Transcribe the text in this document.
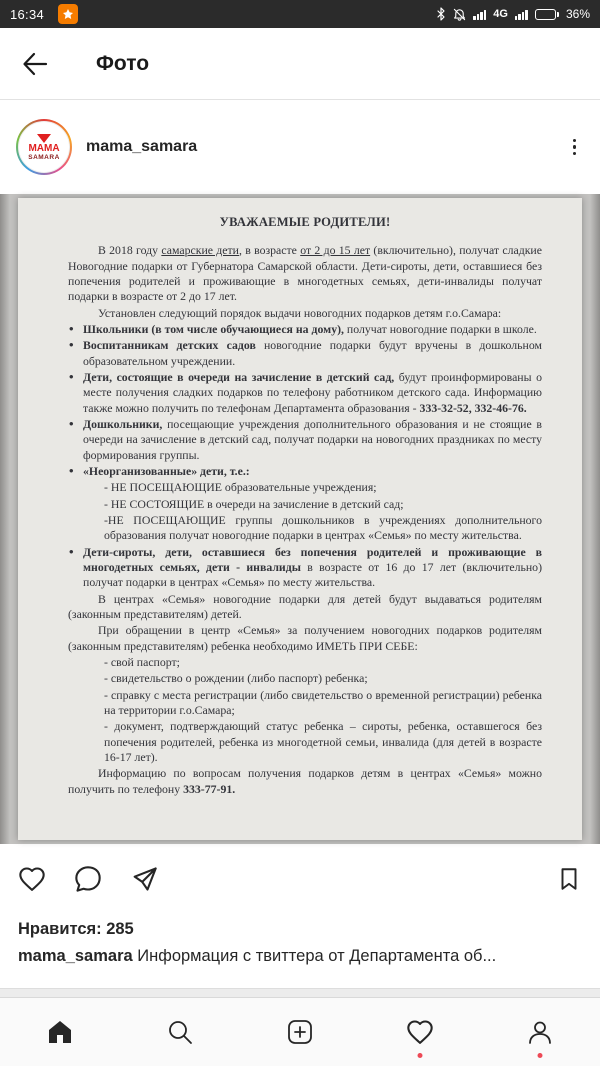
16:34	4G	36%
Фото
МАМА
SAMARA
mama_samara
УВАЖАЕМЫЕ РОДИТЕЛИ!
В 2018 году самарские дети, в возрасте от 2 до 15 лет (включительно), получат сладкие Новогодние подарки от Губернатора Самарской области. Дети-сироты, дети, оставшиеся без попечения родителей и проживающие в многодетных семьях, дети-инвалиды получат подарки в возрасте от 2 до 17 лет.
Установлен следующий порядок выдачи новогодних подарков детям г.о.Самара:
• Школьники (в том числе обучающиеся на дому), получат новогодние подарки в школе.
• Воспитанникам детских садов новогодние подарки будут вручены в дошкольном образовательном учреждении.
• Дети, состоящие в очереди на зачисление в детский сад, будут проинформированы о месте получения сладких подарков по телефону работником детского сада. Информацию также можно получить по телефонам Департамента образования - 333-32-52, 332-46-76.
• Дошкольники, посещающие учреждения дополнительного образования и не стоящие в очереди на зачисление в детский сад, получат подарки на новогодних праздниках по месту формирования группы.
• «Неорганизованные» дети, т.е.:
- НЕ ПОСЕЩАЮЩИЕ образовательные учреждения;
- НЕ СОСТОЯЩИЕ в очереди на зачисление в детский сад;
-НЕ ПОСЕЩАЮЩИЕ группы дошкольников в учреждениях дополнительного образования получат новогодние подарки в центрах «Семья» по месту жительства.
• Дети-сироты, дети, оставшиеся без попечения родителей и проживающие в многодетных семьях, дети - инвалиды в возрасте от 16 до 17 лет (включительно) получат подарки в центрах «Семья» по месту жительства.
В центрах «Семья» новогодние подарки для детей будут выдаваться родителям (законным представителям) детей.
При обращении в центр «Семья» за получением новогодних подарков родителям (законным представителям) ребенка необходимо ИМЕТЬ ПРИ СЕБЕ:
- свой паспорт;
- свидетельство о рождении (либо паспорт) ребенка;
- справку с места регистрации (либо свидетельство о временной регистрации) ребенка на территории г.о.Самара;
- документ, подтверждающий статус ребенка – сироты, ребенка, оставшегося без попечения родителей, ребенка из многодетной семьи, инвалида (для детей в возрасте 16-17 лет).
Информацию по вопросам получения подарков детям в центрах «Семья» можно получить по телефону 333-77-91.
Нравится: 285
mama_samara Информация с твиттера от Департамента об...
